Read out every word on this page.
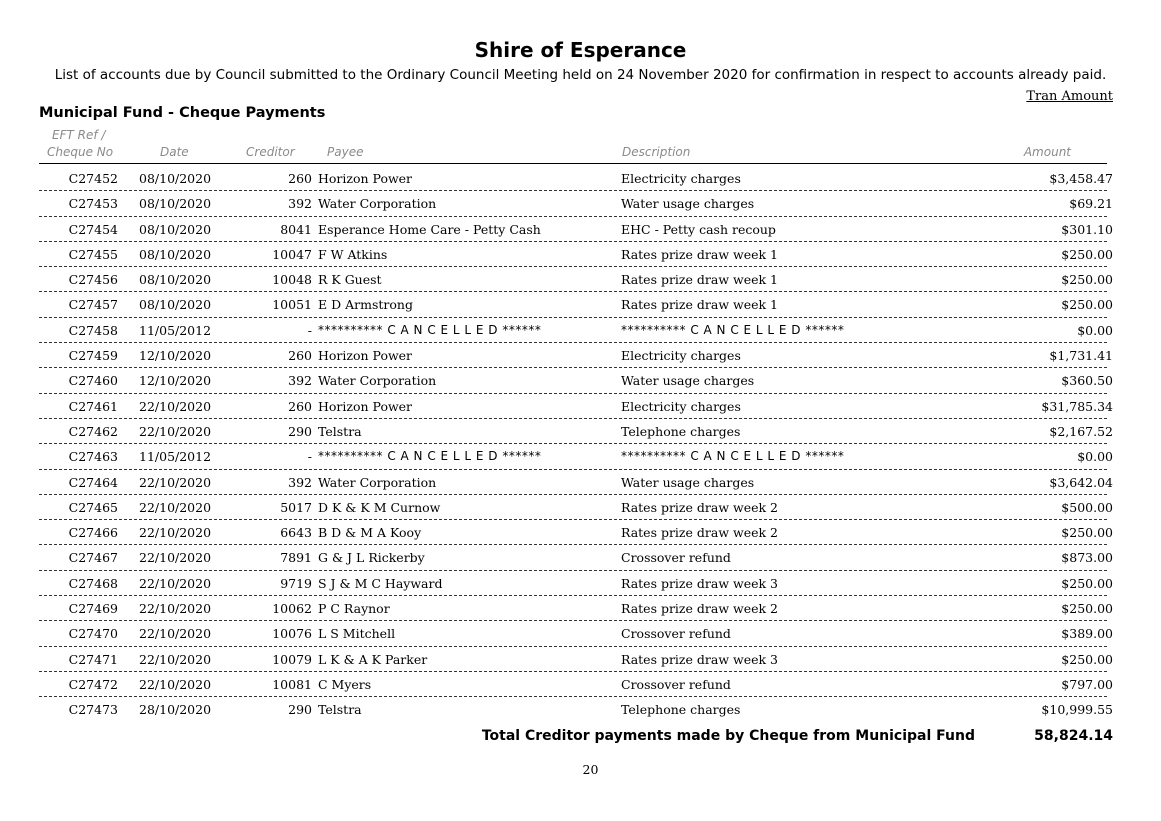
Shire of Esperance
List of accounts due by Council submitted to the Ordinary Council Meeting held on 24 November 2020 for confirmation in respect to accounts already paid.
Tran Amount
Municipal Fund - Cheque Payments
EFT Ref /
Cheque No	Date	Creditor	Payee	Description	Amount
C27452 08/10/2020	260 Horizon Power	Electricity charges	$3,458.47
C27453 08/10/2020	392 Water Corporation	Water usage charges	$69.21
C27454 08/10/2020	8041 Esperance Home Care - Petty Cash	EHC - Petty cash recoup	$301.10
C27455 08/10/2020	10047 F W Atkins	Rates prize draw week 1	$250.00
C27456 08/10/2020	10048 R K Guest	Rates prize draw week 1	$250.00
C27457 08/10/2020	10051 E D Armstrong	Rates prize draw week 1	$250.00
C27458 11/05/2012	- ********** C A N C E L L E D ******	********** C A N C E L L E D ******	$0.00
C27459 12/10/2020	260 Horizon Power	Electricity charges	$1,731.41
C27460 12/10/2020	392 Water Corporation	Water usage charges	$360.50
C27461 22/10/2020	260 Horizon Power	Electricity charges	$31,785.34
C27462 22/10/2020	290 Telstra	Telephone charges	$2,167.52
C27463 11/05/2012	- ********** C A N C E L L E D ******	********** C A N C E L L E D ******	$0.00
C27464 22/10/2020	392 Water Corporation	Water usage charges	$3,642.04
C27465 22/10/2020	5017 D K & K M Curnow	Rates prize draw week 2	$500.00
C27466 22/10/2020	6643 B D & M A Kooy	Rates prize draw week 2	$250.00
C27467 22/10/2020	7891 G & J L Rickerby	Crossover refund	$873.00
C27468 22/10/2020	9719 S J & M C Hayward	Rates prize draw week 3	$250.00
C27469 22/10/2020	10062 P C Raynor	Rates prize draw week 2	$250.00
C27470 22/10/2020	10076 L S Mitchell	Crossover refund	$389.00
C27471 22/10/2020	10079 L K & A K Parker	Rates prize draw week 3	$250.00
C27472 22/10/2020	10081 C Myers	Crossover refund	$797.00
C27473 28/10/2020	290 Telstra	Telephone charges	$10,999.55
Total Creditor payments made by Cheque from Municipal Fund	58,824.14
20
